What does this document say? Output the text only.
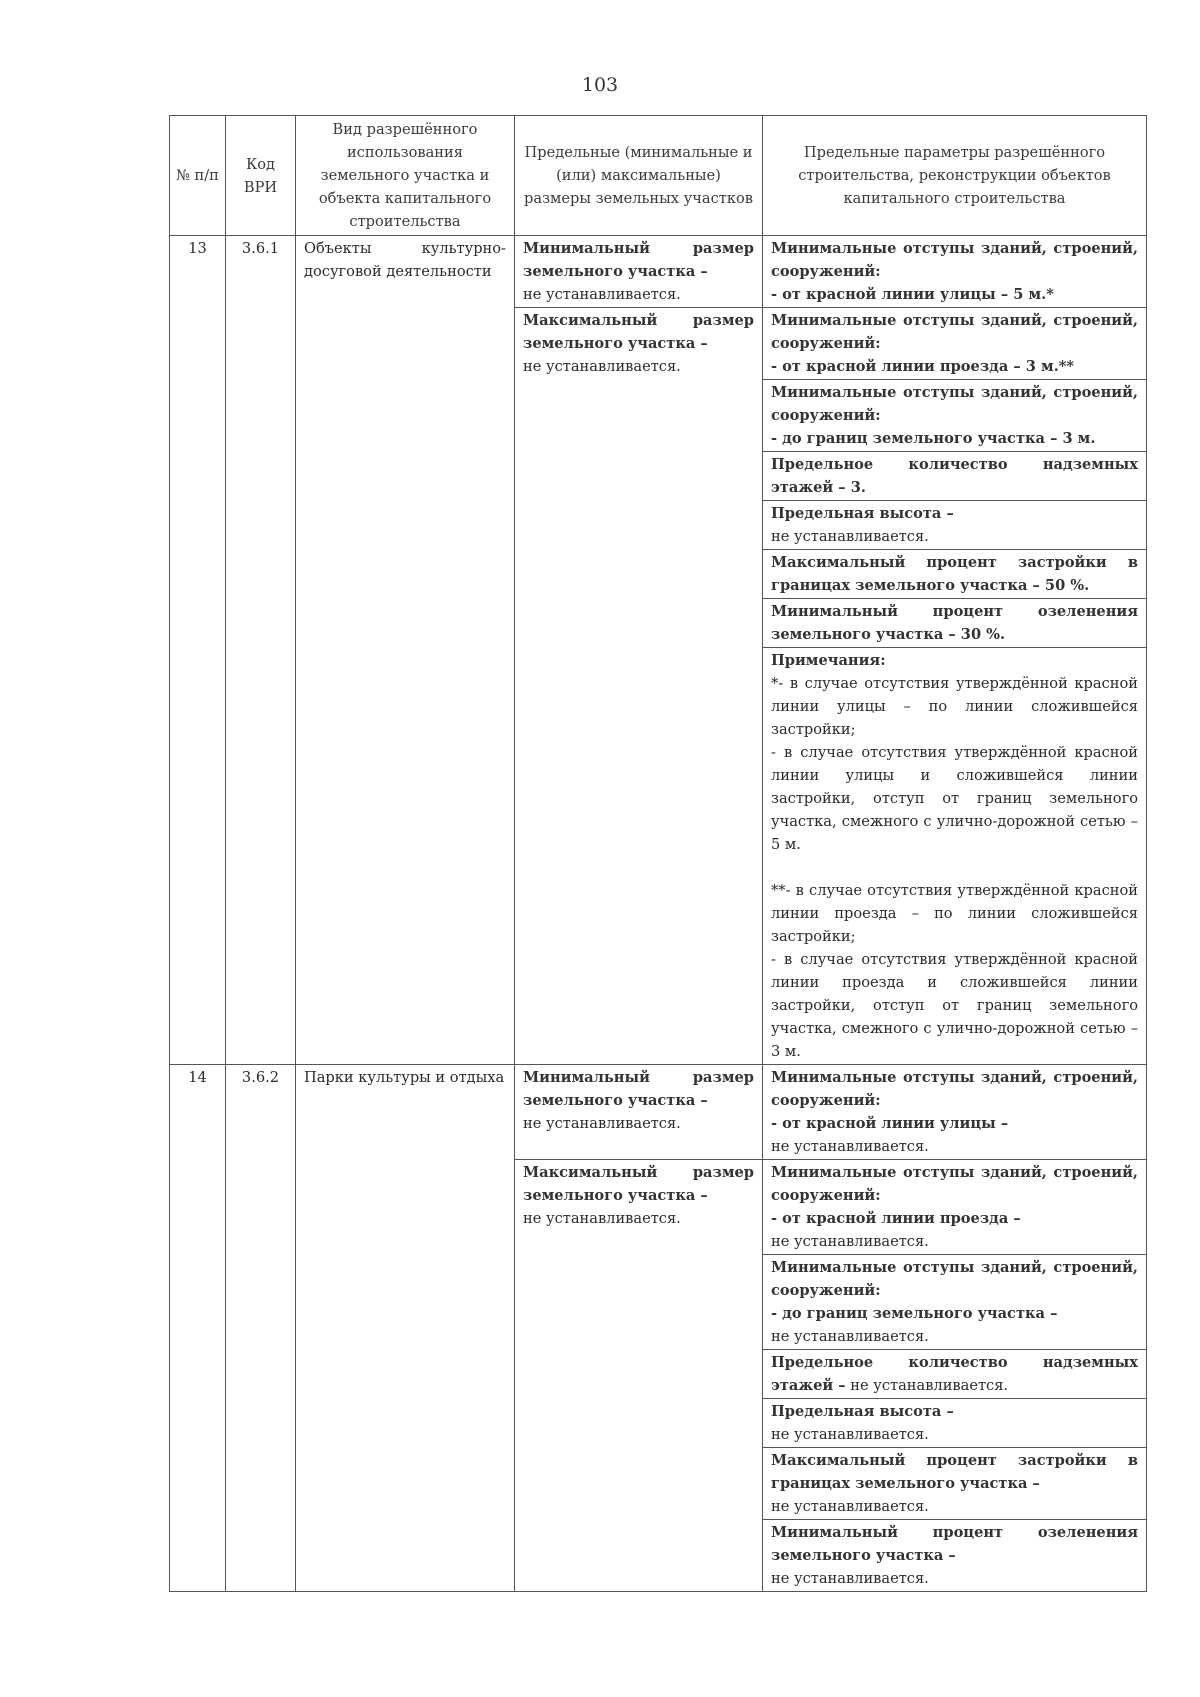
103
№ п/п	Код ВРИ	Вид разрешённого использования земельного участка и объекта капитального строительства	Предельные (минимальные и (или) максимальные) размеры земельных участков	Предельные параметры разрешённого строительства, реконструкции объектов капитального строительства
13	3.6.1	Объекты культурно-досуговой деятельности	Минимальный размер земельного участка –
не устанавливается.	Минимальные отступы зданий, строений, сооружений:
- от красной линии улицы – 5 м.*
			Максимальный размер земельного участка –
не устанавливается.	Минимальные отступы зданий, строений, сооружений:
- от красной линии проезда – 3 м.**
				Минимальные отступы зданий, строений, сооружений:
- до границ земельного участка – 3 м.
				Предельное количество надземных этажей – 3.
				Предельная высота –
не устанавливается.
				Максимальный процент застройки в границах земельного участка – 50 %.
				Минимальный процент озеленения земельного участка – 30 %.
				Примечания:
*- в случае отсутствия утверждённой красной линии улицы – по линии сложившейся застройки;
- в случае отсутствия утверждённой красной линии улицы и сложившейся линии застройки, отступ от границ земельного участка, смежного с улично-дорожной сетью – 5 м.

**- в случае отсутствия утверждённой красной линии проезда – по линии сложившейся застройки;
- в случае отсутствия утверждённой красной линии проезда и сложившейся линии застройки, отступ от границ земельного участка, смежного с улично-дорожной сетью – 3 м.

14	3.6.2	Парки культуры и отдыха	Минимальный размер земельного участка –
не устанавливается.	Минимальные отступы зданий, строений, сооружений:
- от красной линии улицы –
не устанавливается.
			Максимальный размер земельного участка –
не устанавливается.	Минимальные отступы зданий, строений, сооружений:
- от красной линии проезда –
не устанавливается.
				Минимальные отступы зданий, строений, сооружений:
- до границ земельного участка –
не устанавливается.
				Предельное количество надземных этажей – не устанавливается.
				Предельная высота –
не устанавливается.
				Максимальный процент застройки в границах земельного участка –
не устанавливается.
				Минимальный процент озеленения земельного участка –
не устанавливается.
